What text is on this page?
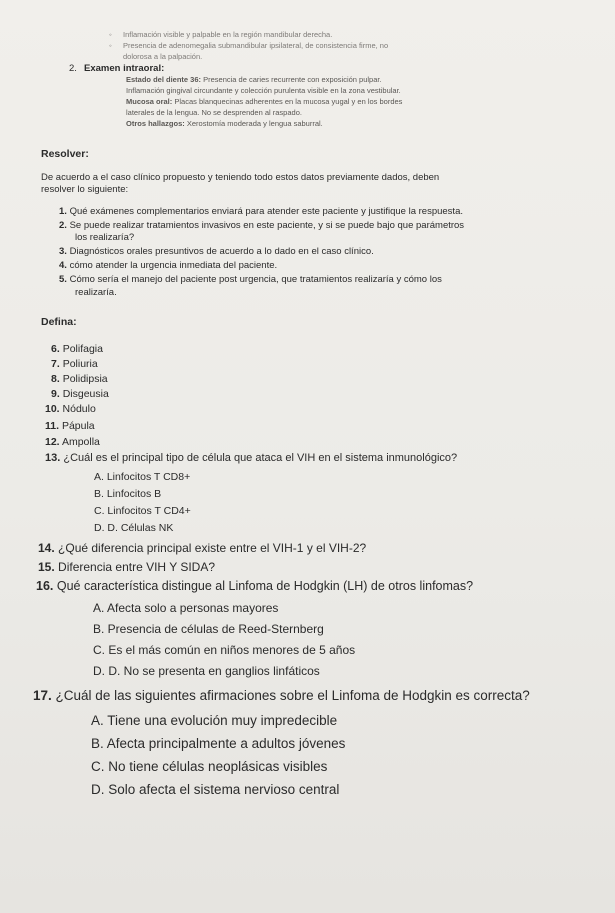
◦ Inflamación visible y palpable en la región mandibular derecha.
◦ Presencia de adenomegalia submandibular ipsilateral, de consistencia firme, no
dolorosa a la palpación.
2. Examen intraoral:
Estado del diente 36: Presencia de caries recurrente con exposición pulpar.
Inflamación gingival circundante y colección purulenta visible en la zona vestibular.
Mucosa oral: Placas blanquecinas adherentes en la mucosa yugal y en los bordes
laterales de la lengua. No se desprenden al raspado.
Otros hallazgos: Xerostomía moderada y lengua saburral.
Resolver:
De acuerdo a el caso clínico propuesto y teniendo todo estos datos previamente dados, deben
resolver lo siguiente:
1. Qué exámenes complementarios enviará para atender este paciente y justifique la respuesta.
2. Se puede realizar tratamientos invasivos en este paciente, y si se puede bajo que parámetros
los realizaría?
3. Diagnósticos orales presuntivos de acuerdo a lo dado en el caso clínico.
4. cómo atender la urgencia inmediata del paciente.
5. Cómo sería el manejo del paciente post urgencia, que tratamientos realizaría y cómo los
realizaría.
Defina:
6. Polifagia
7. Poliuria
8. Polidipsia
9. Disgeusia
10. Nódulo
11. Pápula
12. Ampolla
13. ¿Cuál es el principal tipo de célula que ataca el VIH en el sistema inmunológico?
A. Linfocitos T CD8+
B. Linfocitos B
C. Linfocitos T CD4+
D. D. Células NK
14. ¿Qué diferencia principal existe entre el VIH-1 y el VIH-2?
15. Diferencia entre VIH Y SIDA?
16. Qué característica distingue al Linfoma de Hodgkin (LH) de otros linfomas?
A. Afecta solo a personas mayores
B. Presencia de células de Reed-Sternberg
C. Es el más común en niños menores de 5 años
D. D. No se presenta en ganglios linfáticos
17. ¿Cuál de las siguientes afirmaciones sobre el Linfoma de Hodgkin es correcta?
A. Tiene una evolución muy impredecible
B. Afecta principalmente a adultos jóvenes
C. No tiene células neoplásicas visibles
D. Solo afecta el sistema nervioso central
